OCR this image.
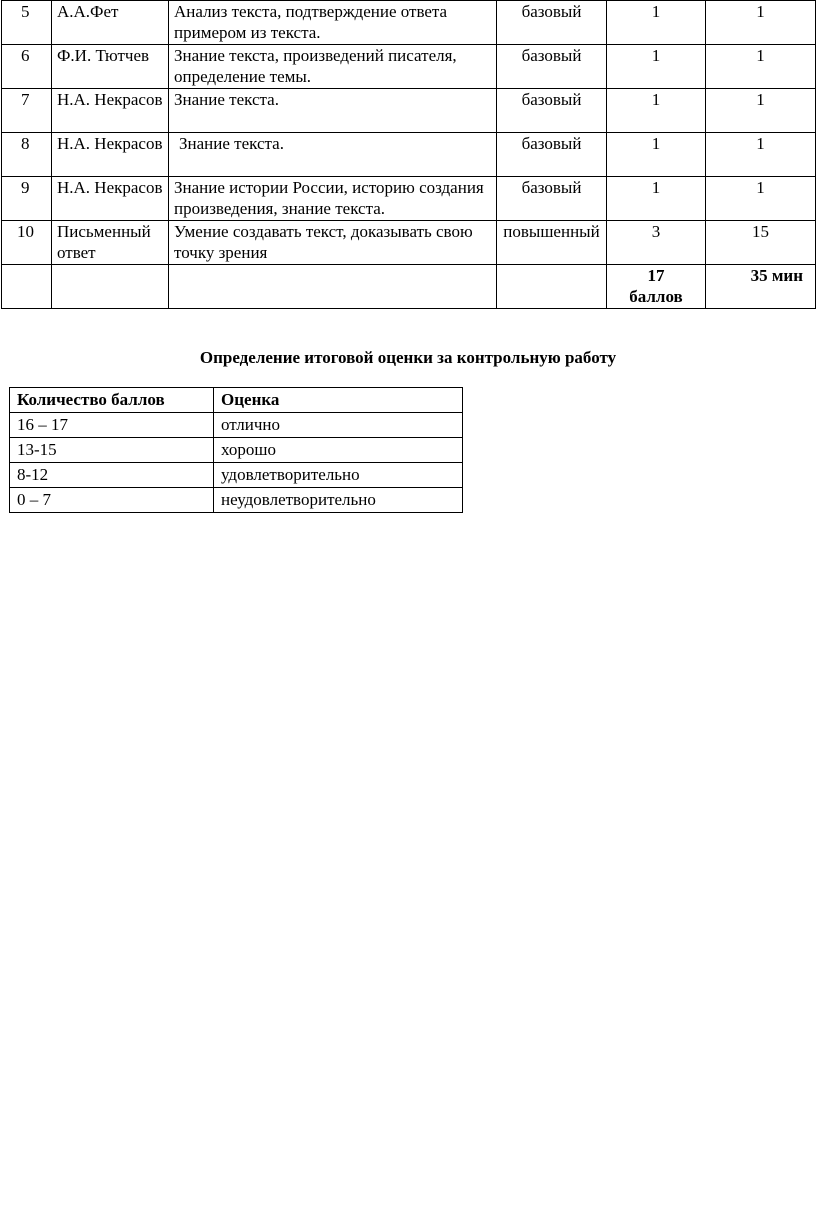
5	А.А.Фет	Анализ текста, подтверждение ответа примером из текста.	базовый	1	1
6	Ф.И. Тютчев	Знание текста, произведений писателя, определение темы.	базовый	1	1
7	Н.А. Некрасов	Знание текста.	базовый	1	1
8	Н.А. Некрасов	Знание текста.	базовый	1	1
9	Н.А. Некрасов	Знание истории России, историю создания произведения, знание текста.	базовый	1	1
10	Письменный ответ	Умение создавать текст, доказывать свою точку зрения	повышенный	3	15
				17 баллов	35 мин
Определение итоговой оценки за контрольную работу
Количество баллов	Оценка
16 – 17	отлично
13-15	хорошо
8-12	удовлетворительно
0 – 7	неудовлетворительно
